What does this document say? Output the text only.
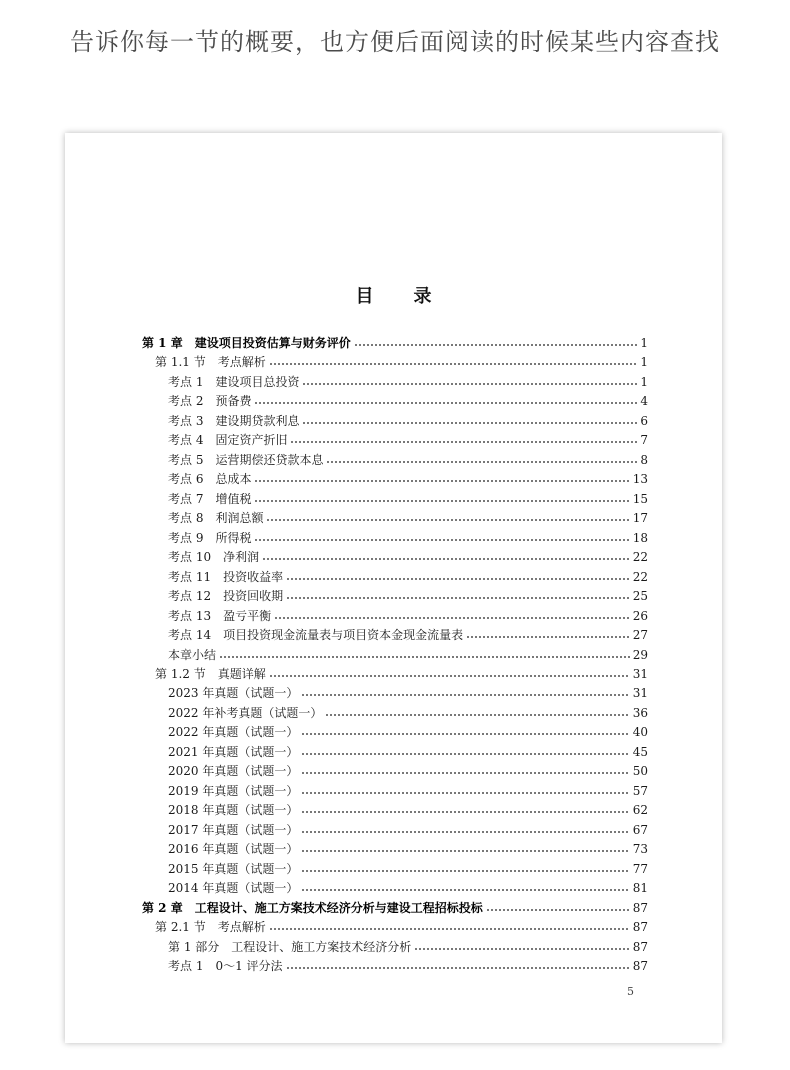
告诉你每一节的概要，也方便后面阅读的时候某些内容查找
目　录
第 1 章　建设项目投资估算与财务评价	1
第 1.1 节　考点解析	1
考点 1　建设项目总投资	1
考点 2　预备费	4
考点 3　建设期贷款利息	6
考点 4　固定资产折旧	7
考点 5　运营期偿还贷款本息	8
考点 6　总成本	13
考点 7　增值税	15
考点 8　利润总额	17
考点 9　所得税	18
考点 10　净利润	22
考点 11　投资收益率	22
考点 12　投资回收期	25
考点 13　盈亏平衡	26
考点 14　项目投资现金流量表与项目资本金现金流量表	27
本章小结	29
第 1.2 节　真题详解	31
2023 年真题（试题一）	31
2022 年补考真题（试题一）	36
2022 年真题（试题一）	40
2021 年真题（试题一）	45
2020 年真题（试题一）	50
2019 年真题（试题一）	57
2018 年真题（试题一）	62
2017 年真题（试题一）	67
2016 年真题（试题一）	73
2015 年真题（试题一）	77
2014 年真题（试题一）	81
第 2 章　工程设计、施工方案技术经济分析与建设工程招标投标	87
第 2.1 节　考点解析	87
第 1 部分　工程设计、施工方案技术经济分析	87
考点 1　0～1 评分法	87
5
